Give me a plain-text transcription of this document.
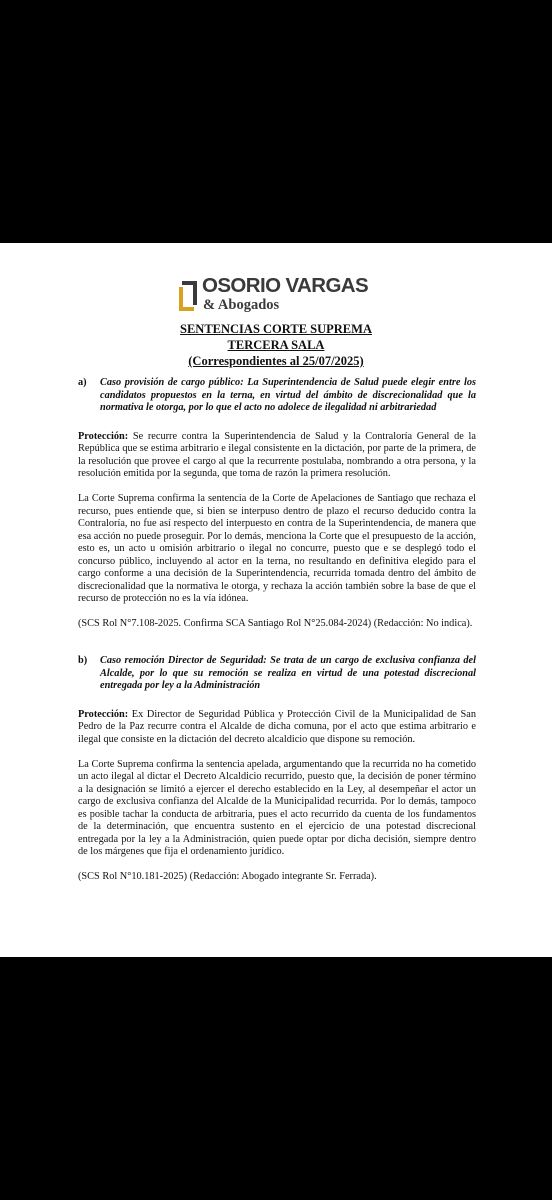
OSORIO VARGAS
& Abogados
SENTENCIAS CORTE SUPREMA
TERCERA SALA
(Correspondientes al 25/07/2025)
a) Caso provisión de cargo público: La Superintendencia de Salud puede elegir entre los candidatos propuestos en la terna, en virtud del ámbito de discrecionalidad que la normativa le otorga, por lo que el acto no adolece de ilegalidad ni arbitrariedad

Protección: Se recurre contra la Superintendencia de Salud y la Contraloría General de la República que se estima arbitrario e ilegal consistente en la dictación, por parte de la primera, de la resolución que provee el cargo al que la recurrente postulaba, nombrando a otra persona, y la resolución emitida por la segunda, que toma de razón la primera resolución.

La Corte Suprema confirma la sentencia de la Corte de Apelaciones de Santiago que rechaza el recurso, pues entiende que, si bien se interpuso dentro de plazo el recurso deducido contra la Contraloría, no fue así respecto del interpuesto en contra de la Superintendencia, de manera que esa acción no puede proseguir. Por lo demás, menciona la Corte que el presupuesto de la acción, esto es, un acto u omisión arbitrario o ilegal no concurre, puesto que e se desplegó todo el concurso público, incluyendo al actor en la terna, no resultando en definitiva elegido para el cargo conforme a una decisión de la Superintendencia, recurrida tomada dentro del ámbito de discrecionalidad que la normativa le otorga, y rechaza la acción también sobre la base de que el recurso de protección no es la vía idónea.

(SCS Rol N°7.108-2025. Confirma SCA Santiago Rol N°25.084-2024) (Redacción: No indica).

b) Caso remoción Director de Seguridad: Se trata de un cargo de exclusiva confianza del Alcalde, por lo que su remoción se realiza en virtud de una potestad discrecional entregada por ley a la Administración

Protección: Ex Director de Seguridad Pública y Protección Civil de la Municipalidad de San Pedro de la Paz recurre contra el Alcalde de dicha comuna, por el acto que estima arbitrario e ilegal que consiste en la dictación del decreto alcaldicio que dispone su remoción.

La Corte Suprema confirma la sentencia apelada, argumentando que la recurrida no ha cometido un acto ilegal al dictar el Decreto Alcaldicio recurrido, puesto que, la decisión de poner término a la designación se limitó a ejercer el derecho establecido en la Ley, al desempeñar el actor un cargo de exclusiva confianza del Alcalde de la Municipalidad recurrida. Por lo demás, tampoco es posible tachar la conducta de arbitraria, pues el acto recurrido da cuenta de los fundamentos de la determinación, que encuentra sustento en el ejercicio de una potestad discrecional entregada por la ley a la Administración, quien puede optar por dicha decisión, siempre dentro de los márgenes que fija el ordenamiento jurídico.

(SCS Rol N°10.181-2025) (Redacción: Abogado integrante Sr. Ferrada).
